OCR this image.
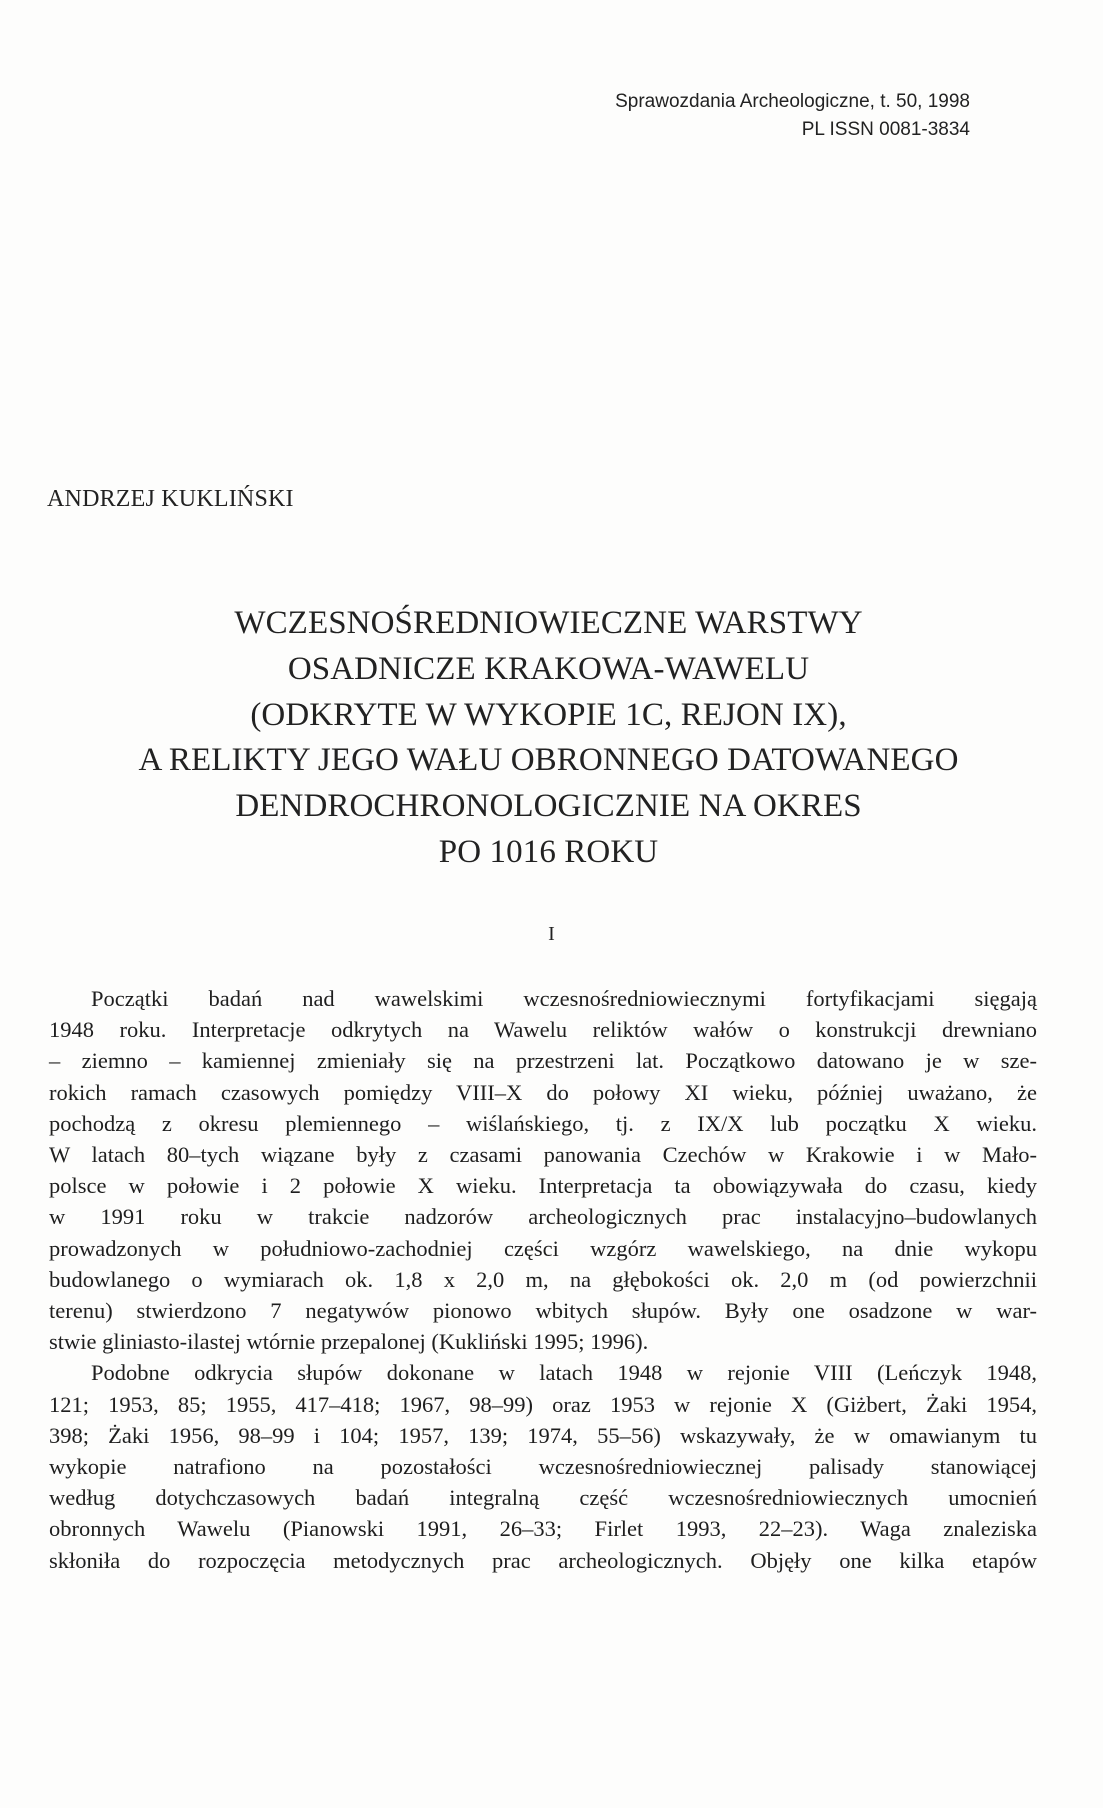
Sprawozdania Archeologiczne, t. 50, 1998
PL ISSN 0081-3834
ANDRZEJ KUKLIŃSKI
WCZESNOŚREDNIOWIECZNE WARSTWY
OSADNICZE KRAKOWA-WAWELU
(ODKRYTE W WYKOPIE 1C, REJON IX),
A RELIKTY JEGO WAŁU OBRONNEGO DATOWANEGO
DENDROCHRONOLOGICZNIE NA OKRES
PO 1016 ROKU
I

Początki badań nad wawelskimi wczesnośredniowiecznymi fortyfikacjami sięgają
1948 roku. Interpretacje odkrytych na Wawelu reliktów wałów o konstrukcji drewniano
– ziemno – kamiennej zmieniały się na przestrzeni lat. Początkowo datowano je w sze-
rokich ramach czasowych pomiędzy VIII–X do połowy XI wieku, później uważano, że
pochodzą z okresu plemiennego – wiślańskiego, tj. z IX/X lub początku X wieku.
W latach 80–tych wiązane były z czasami panowania Czechów w Krakowie i w Mało-
polsce w połowie i 2 połowie X wieku. Interpretacja ta obowiązywała do czasu, kiedy
w 1991 roku w trakcie nadzorów archeologicznych prac instalacyjno–budowlanych
prowadzonych w południowo-zachodniej części wzgórz wawelskiego, na dnie wykopu
budowlanego o wymiarach ok. 1,8 x 2,0 m, na głębokości ok. 2,0 m (od powierzchnii
terenu) stwierdzono 7 negatywów pionowo wbitych słupów. Były one osadzone w war-
stwie gliniasto-ilastej wtórnie przepalonej (Kukliński 1995; 1996).

Podobne odkrycia słupów dokonane w latach 1948 w rejonie VIII (Leńczyk 1948,
121; 1953, 85; 1955, 417–418; 1967, 98–99) oraz 1953 w rejonie X (Giżbert, Żaki 1954,
398; Żaki 1956, 98–99 i 104; 1957, 139; 1974, 55–56) wskazywały, że w omawianym tu
wykopie natrafiono na pozostałości wczesnośredniowiecznej palisady stanowiącej
według dotychczasowych badań integralną część wczesnośredniowiecznych umocnień
obronnych Wawelu (Pianowski 1991, 26–33; Firlet 1993, 22–23). Waga znaleziska
skłoniła do rozpoczęcia metodycznych prac archeologicznych. Objęły one kilka etapów
